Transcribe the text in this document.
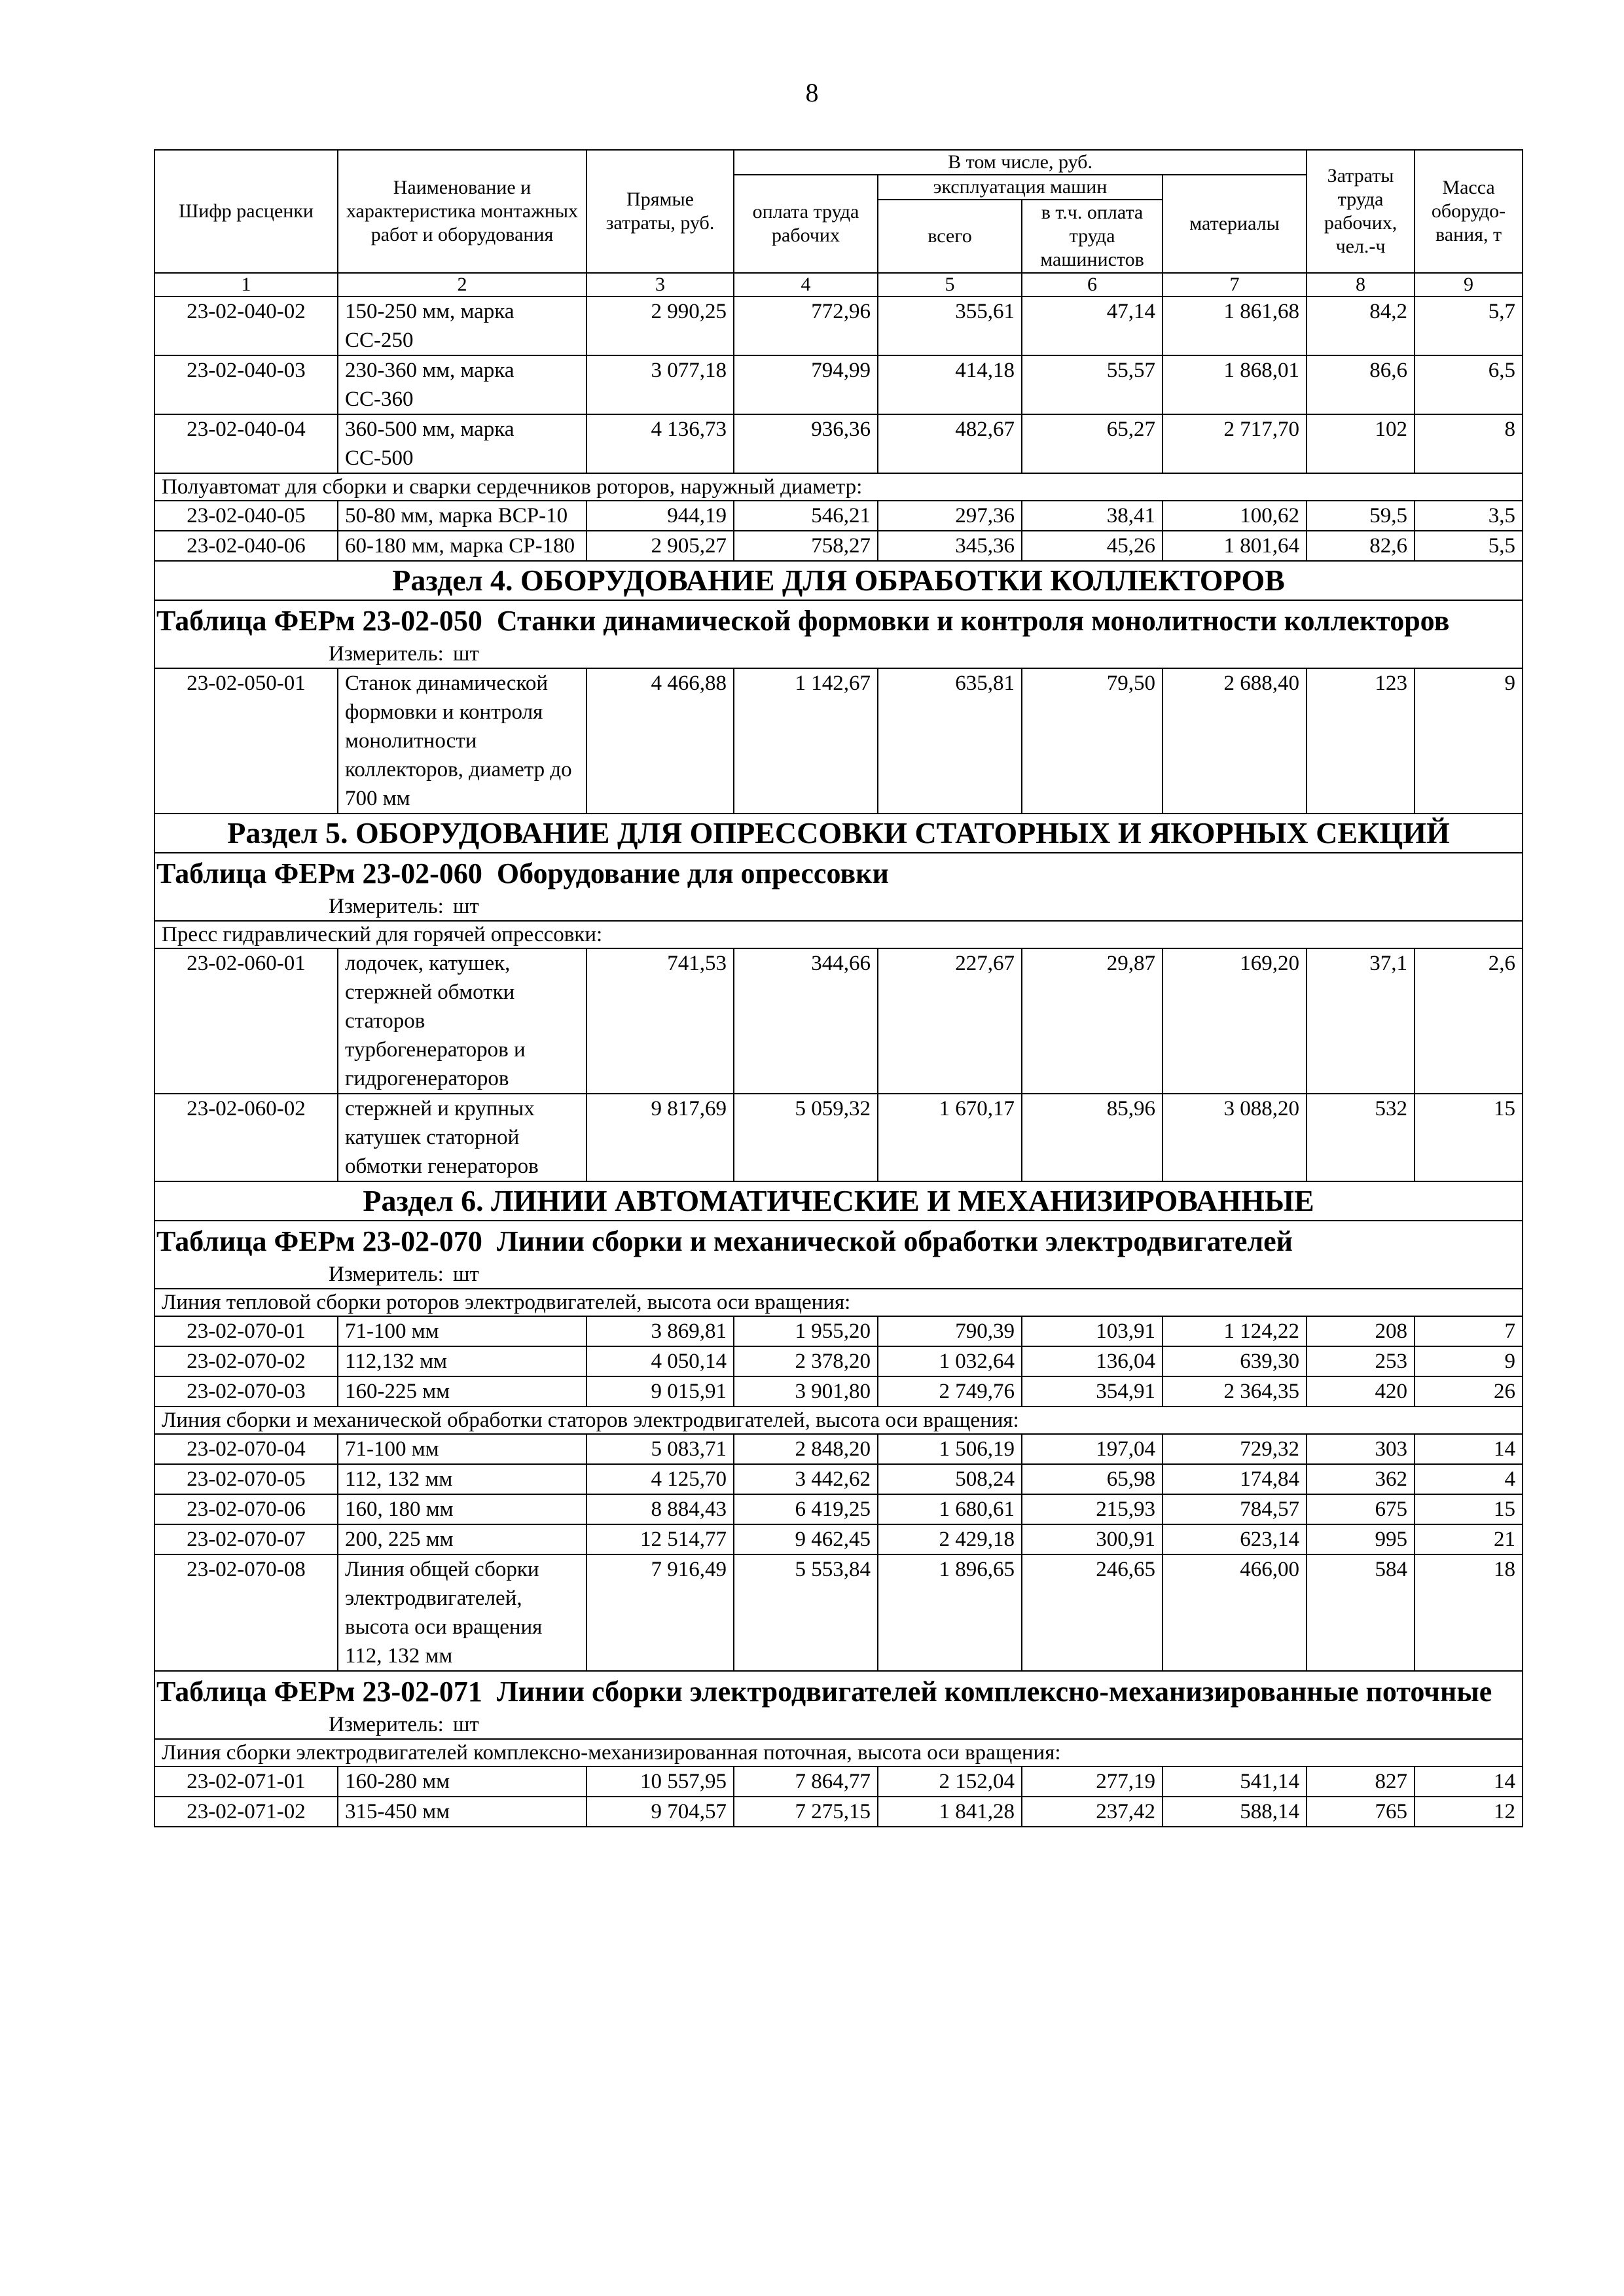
8
Шифр расценки	Наименование и характеристика монтажных работ и оборудования	Прямые затраты, руб.	В том числе, руб.				Затраты труда рабочих, чел.-ч	Масса оборудо-вания, т
			оплата труда рабочих	эксплуатация машин		материалы		
				всего	в т.ч. оплата труда машинистов			
1	2	3	4	5	6	7	8	9
23-02-040-02	150-250 мм, марка СС-250	2 990,25	772,96	355,61	47,14	1 861,68	84,2	5,7
23-02-040-03	230-360 мм, марка СС-360	3 077,18	794,99	414,18	55,57	1 868,01	86,6	6,5
23-02-040-04	360-500 мм, марка СС-500	4 136,73	936,36	482,67	65,27	2 717,70	102	8
Полуавтомат для сборки и сварки сердечников роторов, наружный диаметр:								
23-02-040-05	50-80 мм, марка ВСР-10	944,19	546,21	297,36	38,41	100,62	59,5	3,5
23-02-040-06	60-180 мм, марка СР-180	2 905,27	758,27	345,36	45,26	1 801,64	82,6	5,5
Раздел 4. ОБОРУДОВАНИЕ ДЛЯ ОБРАБОТКИ КОЛЛЕКТОРОВ								

Таблица ФЕРм 23-02-050 Станки динамической формовки и контроля монолитности коллекторов
Измеритель: шт								

23-02-050-01	Станок динамической формовки и контроля монолитности коллекторов, диаметр до 700 мм	4 466,88	1 142,67	635,81	79,50	2 688,40	123	9
Раздел 5. ОБОРУДОВАНИЕ ДЛЯ ОПРЕССОВКИ СТАТОРНЫХ И ЯКОРНЫХ СЕКЦИЙ								

Таблица ФЕРм 23-02-060 Оборудование для опрессовки
Измеритель: шт								

Пресс гидравлический для горячей опрессовки:								
23-02-060-01	лодочек, катушек, стержней обмотки статоров турбогенераторов и гидрогенераторов	741,53	344,66	227,67	29,87	169,20	37,1	2,6
23-02-060-02	стержней и крупных катушек статорной обмотки генераторов	9 817,69	5 059,32	1 670,17	85,96	3 088,20	532	15
Раздел 6. ЛИНИИ АВТОМАТИЧЕСКИЕ И МЕХАНИЗИРОВАННЫЕ								

Таблица ФЕРм 23-02-070 Линии сборки и механической обработки электродвигателей
Измеритель: шт								

Линия тепловой сборки роторов электродвигателей, высота оси вращения:								
23-02-070-01	71-100 мм	3 869,81	1 955,20	790,39	103,91	1 124,22	208	7
23-02-070-02	112,132 мм	4 050,14	2 378,20	1 032,64	136,04	639,30	253	9
23-02-070-03	160-225 мм	9 015,91	3 901,80	2 749,76	354,91	2 364,35	420	26
Линия сборки и механической обработки статоров электродвигателей, высота оси вращения:								
23-02-070-04	71-100 мм	5 083,71	2 848,20	1 506,19	197,04	729,32	303	14
23-02-070-05	112, 132 мм	4 125,70	3 442,62	508,24	65,98	174,84	362	4
23-02-070-06	160, 180 мм	8 884,43	6 419,25	1 680,61	215,93	784,57	675	15
23-02-070-07	200, 225 мм	12 514,77	9 462,45	2 429,18	300,91	623,14	995	21
23-02-070-08	Линия общей сборки электродвигателей, высота оси вращения 112, 132 мм	7 916,49	5 553,84	1 896,65	246,65	466,00	584	18

Таблица ФЕРм 23-02-071 Линии сборки электродвигателей комплексно-механизированные поточные
Измеритель: шт								

Линия сборки электродвигателей комплексно-механизированная поточная, высота оси вращения:								
23-02-071-01	160-280 мм	10 557,95	7 864,77	2 152,04	277,19	541,14	827	14
23-02-071-02	315-450 мм	9 704,57	7 275,15	1 841,28	237,42	588,14	765	12
